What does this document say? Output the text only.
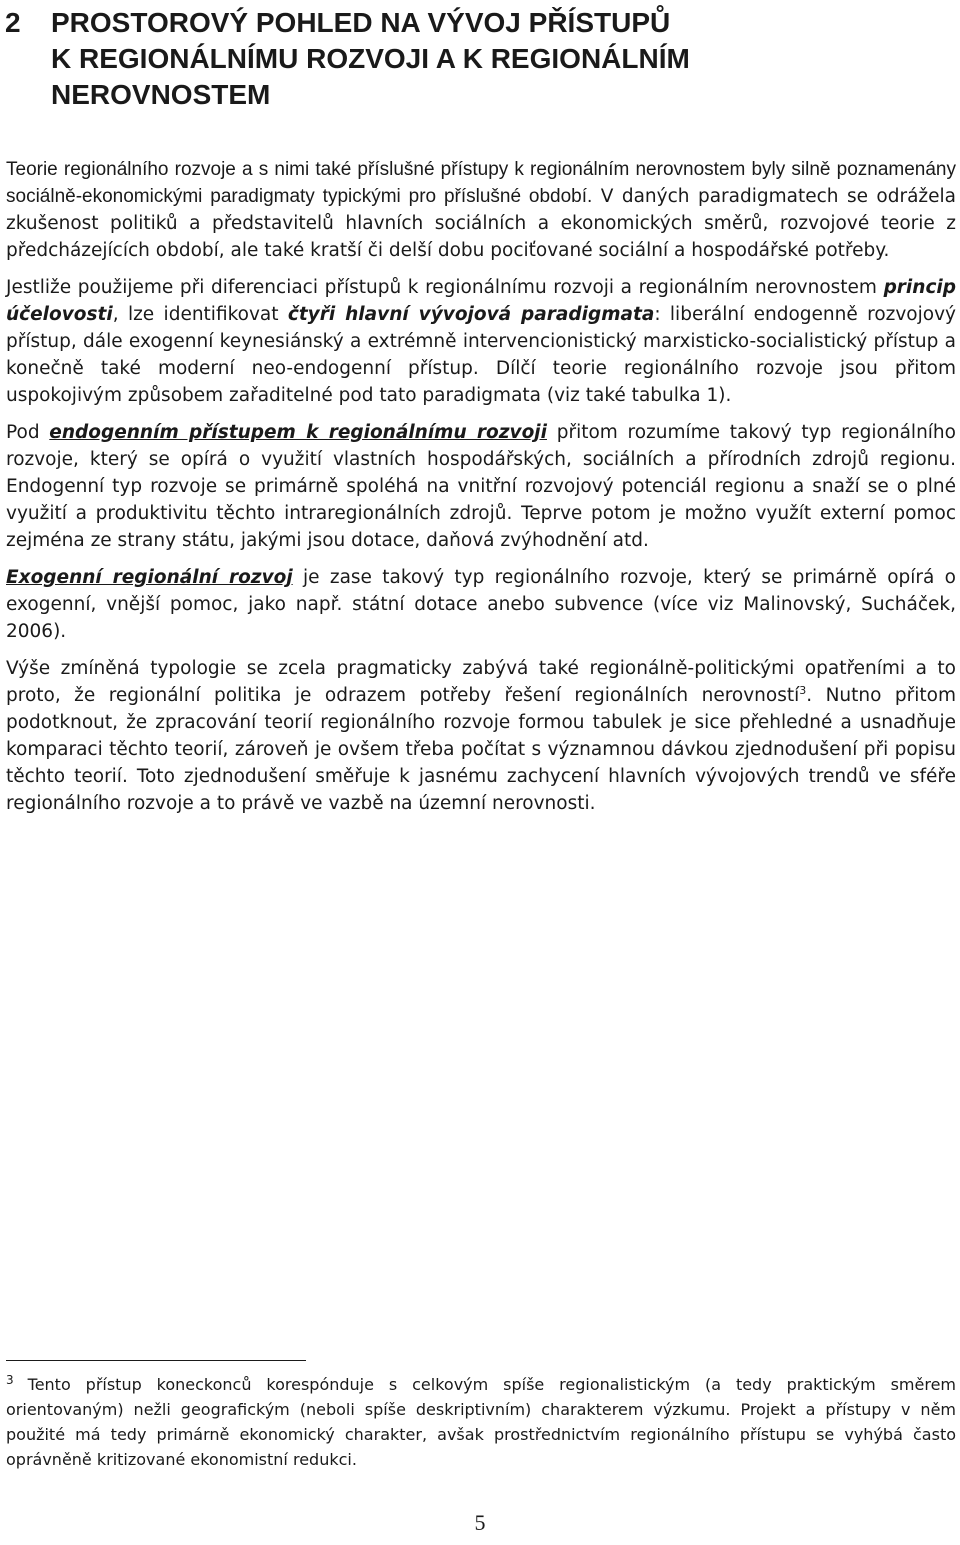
2 PROSTOROVÝ POHLED NA VÝVOJ PŘÍSTUPŮ
K REGIONÁLNÍMU ROZVOJI A K REGIONÁLNÍM
NEROVNOSTEM

Teorie regionálního rozvoje a s nimi také příslušné přístupy k regionálním nerovnostem byly silně poznamenány sociálně-ekonomickými paradigmaty typickými pro příslušné období. V daných paradigmatech se odrážela zkušenost politiků a představitelů hlavních sociálních a ekonomických směrů, rozvojové teorie z předcházejících období, ale také kratší či delší dobu pociťované sociální a hospodářské potřeby.

Jestliže použijeme při diferenciaci přístupů k regionálnímu rozvoji a regionálním nerovnostem princip účelovosti, lze identifikovat čtyři hlavní vývojová paradigmata: liberální endogenně rozvojový přístup, dále exogenní keynesiánský a extrémně intervencionistický marxisticko-socialistický přístup a konečně také moderní neo-endogenní přístup. Dílčí teorie regionálního rozvoje jsou přitom uspokojivým způsobem zařaditelné pod tato paradigmata (viz také tabulka 1).

Pod endogenním přístupem k regionálnímu rozvoji přitom rozumíme takový typ regionálního rozvoje, který se opírá o využití vlastních hospodářských, sociálních a přírodních zdrojů regionu. Endogenní typ rozvoje se primárně spoléhá na vnitřní rozvojový potenciál regionu a snaží se o plné využití a produktivitu těchto intraregionálních zdrojů. Teprve potom je možno využít externí pomoc zejména ze strany státu, jakými jsou dotace, daňová zvýhodnění atd.

Exogenní regionální rozvoj je zase takový typ regionálního rozvoje, který se primárně opírá o exogenní, vnější pomoc, jako např. státní dotace anebo subvence (více viz Malinovský, Sucháček, 2006).

Výše zmíněná typologie se zcela pragmaticky zabývá také regionálně-politickými opatřeními a to proto, že regionální politika je odrazem potřeby řešení regionálních nerovností$^3$. Nutno přitom podotknout, že zpracování teorií regionálního rozvoje formou tabulek je sice přehledné a usnadňuje komparaci těchto teorií, zároveň je ovšem třeba počítat s významnou dávkou zjednodušení při popisu těchto teorií. Toto zjednodušení směřuje k jasnému zachycení hlavních vývojových trendů ve sféře regionálního rozvoje a to právě ve vazbě na územní nerovnosti.

$^3$ Tento přístup koneckonců korespónduje s celkovým spíše regionalistickým (a tedy praktickým směrem orientovaným) nežli geografickým (neboli spíše deskriptivním) charakterem výzkumu. Projekt a přístupy v něm použité má tedy primárně ekonomický charakter, avšak prostřednictvím regionálního přístupu se vyhýbá často oprávněně kritizované ekonomistní redukci.
5
